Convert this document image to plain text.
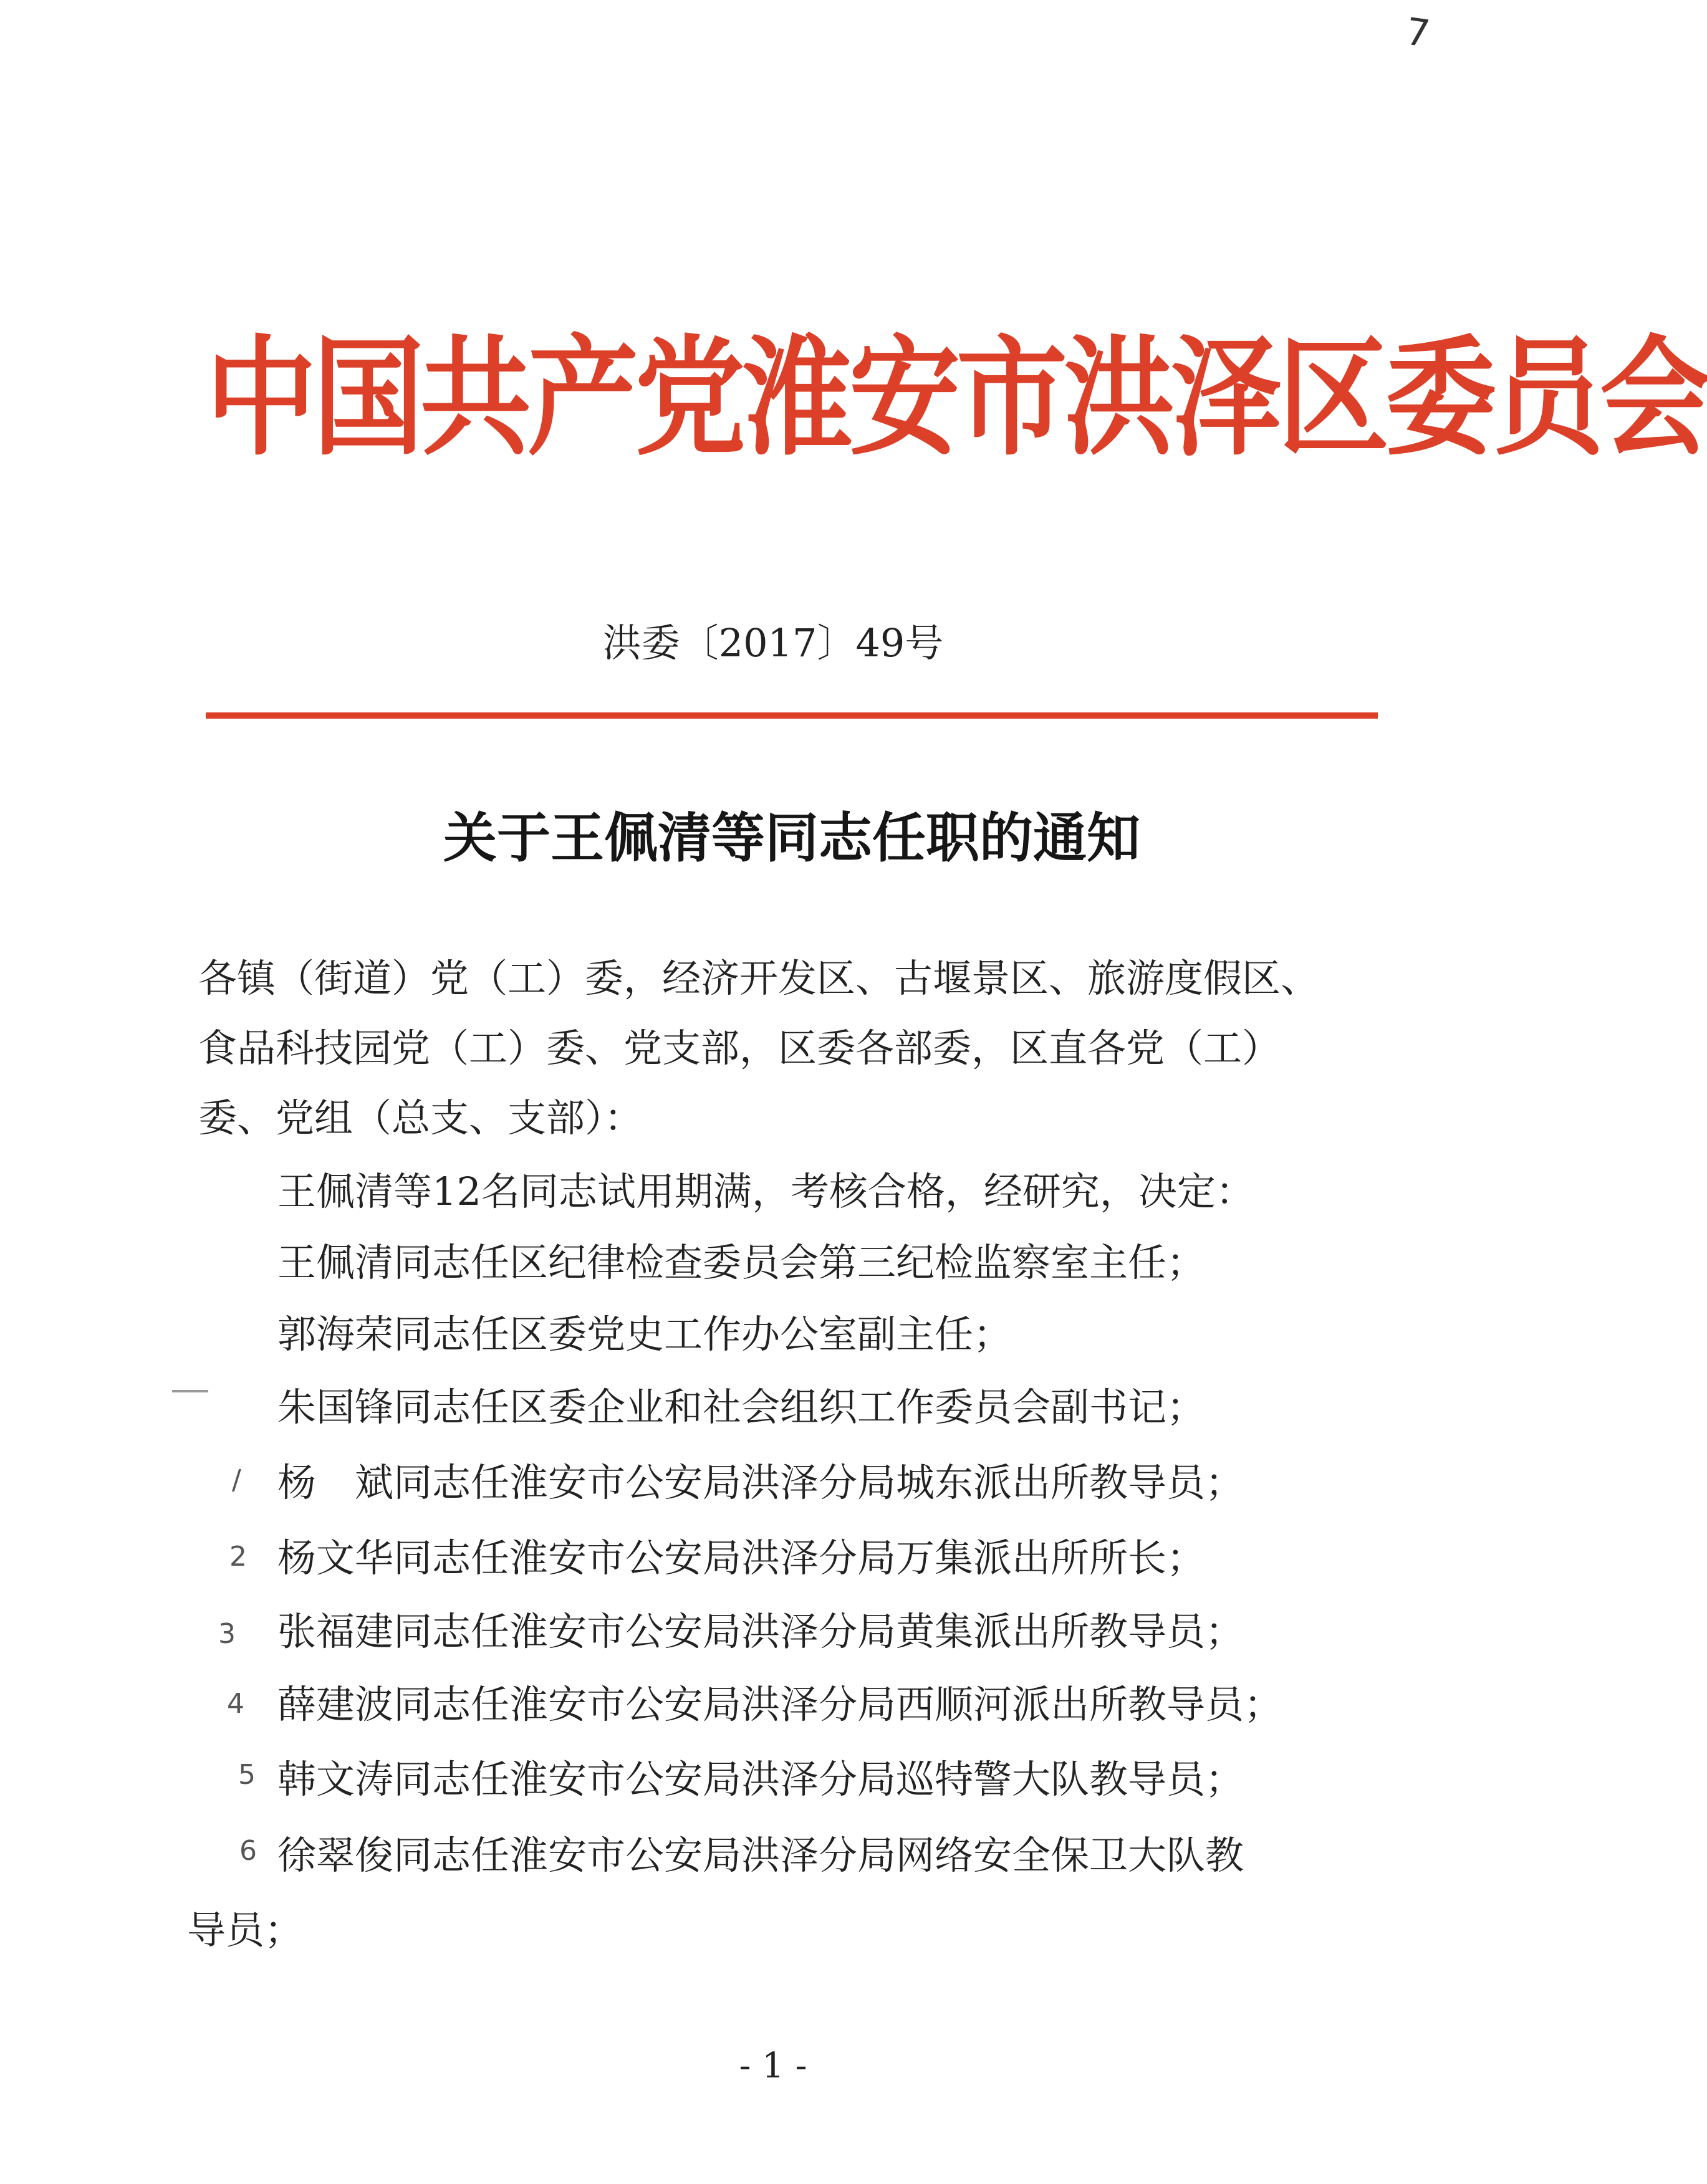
7
中国共产党淮安市洪泽区委员会
洪委〔2017〕49号
关于王佩清等同志任职的通知
各镇（街道）党（工）委，经济开发区、古堰景区、旅游度假区、
食品科技园党（工）委、党支部，区委各部委，区直各党（工）
委、党组（总支、支部）：
王佩清等12名同志试用期满，考核合格，经研究，决定：
王佩清同志任区纪律检查委员会第三纪检监察室主任；
郭海荣同志任区委党史工作办公室副主任；
朱国锋同志任区委企业和社会组织工作委员会副书记；
杨　斌同志任淮安市公安局洪泽分局城东派出所教导员；
杨文华同志任淮安市公安局洪泽分局万集派出所所长；
张福建同志任淮安市公安局洪泽分局黄集派出所教导员；
薛建波同志任淮安市公安局洪泽分局西顺河派出所教导员；
韩文涛同志任淮安市公安局洪泽分局巡特警大队教导员；
徐翠俊同志任淮安市公安局洪泽分局网络安全保卫大队教
导员；
/
2
3
4
5
6
- 1 -
